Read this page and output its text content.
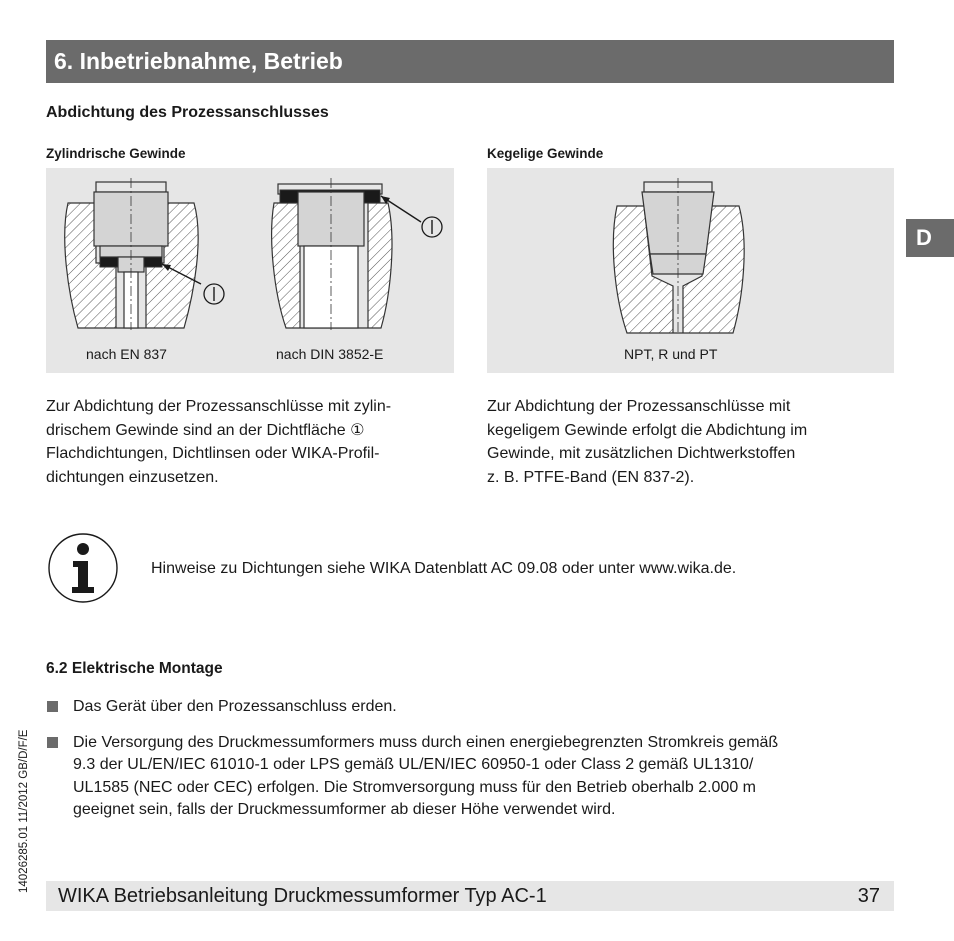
6. Inbetriebnahme, Betrieb
D
Abdichtung des Prozessanschlusses
Zylindrische Gewinde
nach EN 837	nach DIN 3852-E
Zur Abdichtung der Prozessanschlüsse mit zylin-
drischem Gewinde sind an der Dichtfläche ①
Flachdichtungen, Dichtlinsen oder WIKA-Profil-
dichtungen einzusetzen.
Kegelige Gewinde
NPT, R und PT
Zur Abdichtung der Prozessanschlüsse mit
kegeligem Gewinde erfolgt die Abdichtung im
Gewinde, mit zusätzlichen Dichtwerkstoffen
z. B. PTFE-Band (EN 837-2).
Hinweise zu Dichtungen siehe WIKA Datenblatt AC 09.08 oder unter www.wika.de.
6.2 Elektrische Montage
Das Gerät über den Prozessanschluss erden.
Die Versorgung des Druckmessumformers muss durch einen energiebegrenzten Stromkreis gemäß
9.3 der UL/EN/IEC 61010-1 oder LPS gemäß UL/EN/IEC 60950-1 oder Class 2 gemäß UL1310/
UL1585 (NEC oder CEC) erfolgen. Die Stromversorgung muss für den Betrieb oberhalb 2.000 m
geeignet sein, falls der Druckmessumformer ab dieser Höhe verwendet wird.
14026285.01 11/2012 GB/D/F/E
WIKA Betriebsanleitung Druckmessumformer Typ AC-1	37
